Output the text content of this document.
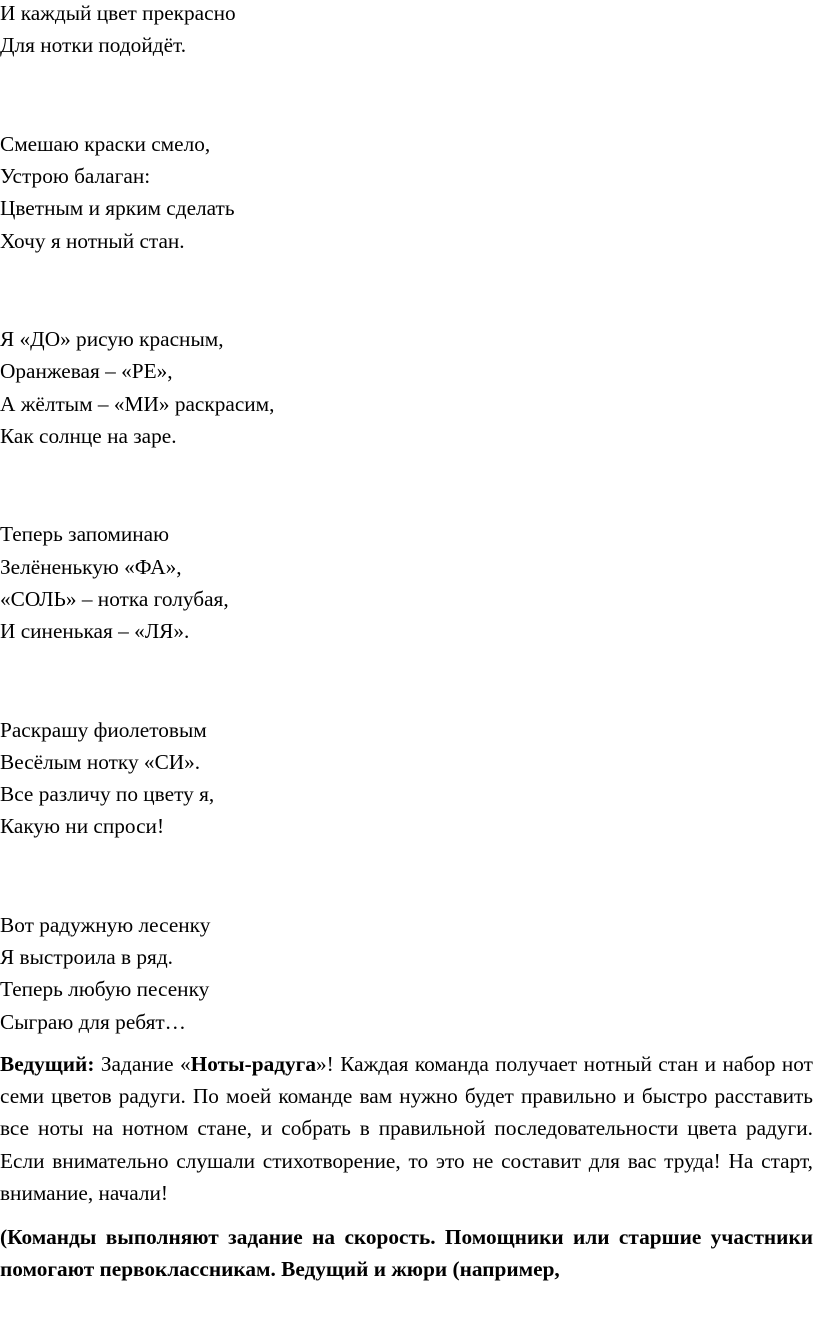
И каждый цвет прекрасно

Для нотки подойдёт.

Смешаю краски смело,

Устрою балаган:

Цветным и ярким сделать

Хочу я нотный стан.

Я «ДО» рисую красным,

Оранжевая – «РЕ»,

А жёлтым – «МИ» раскрасим,

Как солнце на заре.

Теперь запоминаю

Зелёненькую «ФА»,

«СОЛЬ» – нотка голубая,

И синенькая – «ЛЯ».

Раскрашу фиолетовым

Весёлым нотку «СИ».

Все различу по цвету я,

Какую ни спроси!

Вот радужную лесенку

Я выстроила в ряд.

Теперь любую песенку

Сыграю для ребят…

Ведущий: Задание «Ноты-радуга»! Каждая команда получает нотный стан и набор нот семи цветов радуги. По моей команде вам нужно будет правильно и быстро расставить все ноты на нотном стане, и собрать в правильной последовательности цвета радуги. Если внимательно слушали стихотворение, то это не составит для вас труда! На старт, внимание, начали!

(Команды выполняют задание на скорость. Помощники или старшие участники помогают первоклассникам. Ведущий и жюри (например,
